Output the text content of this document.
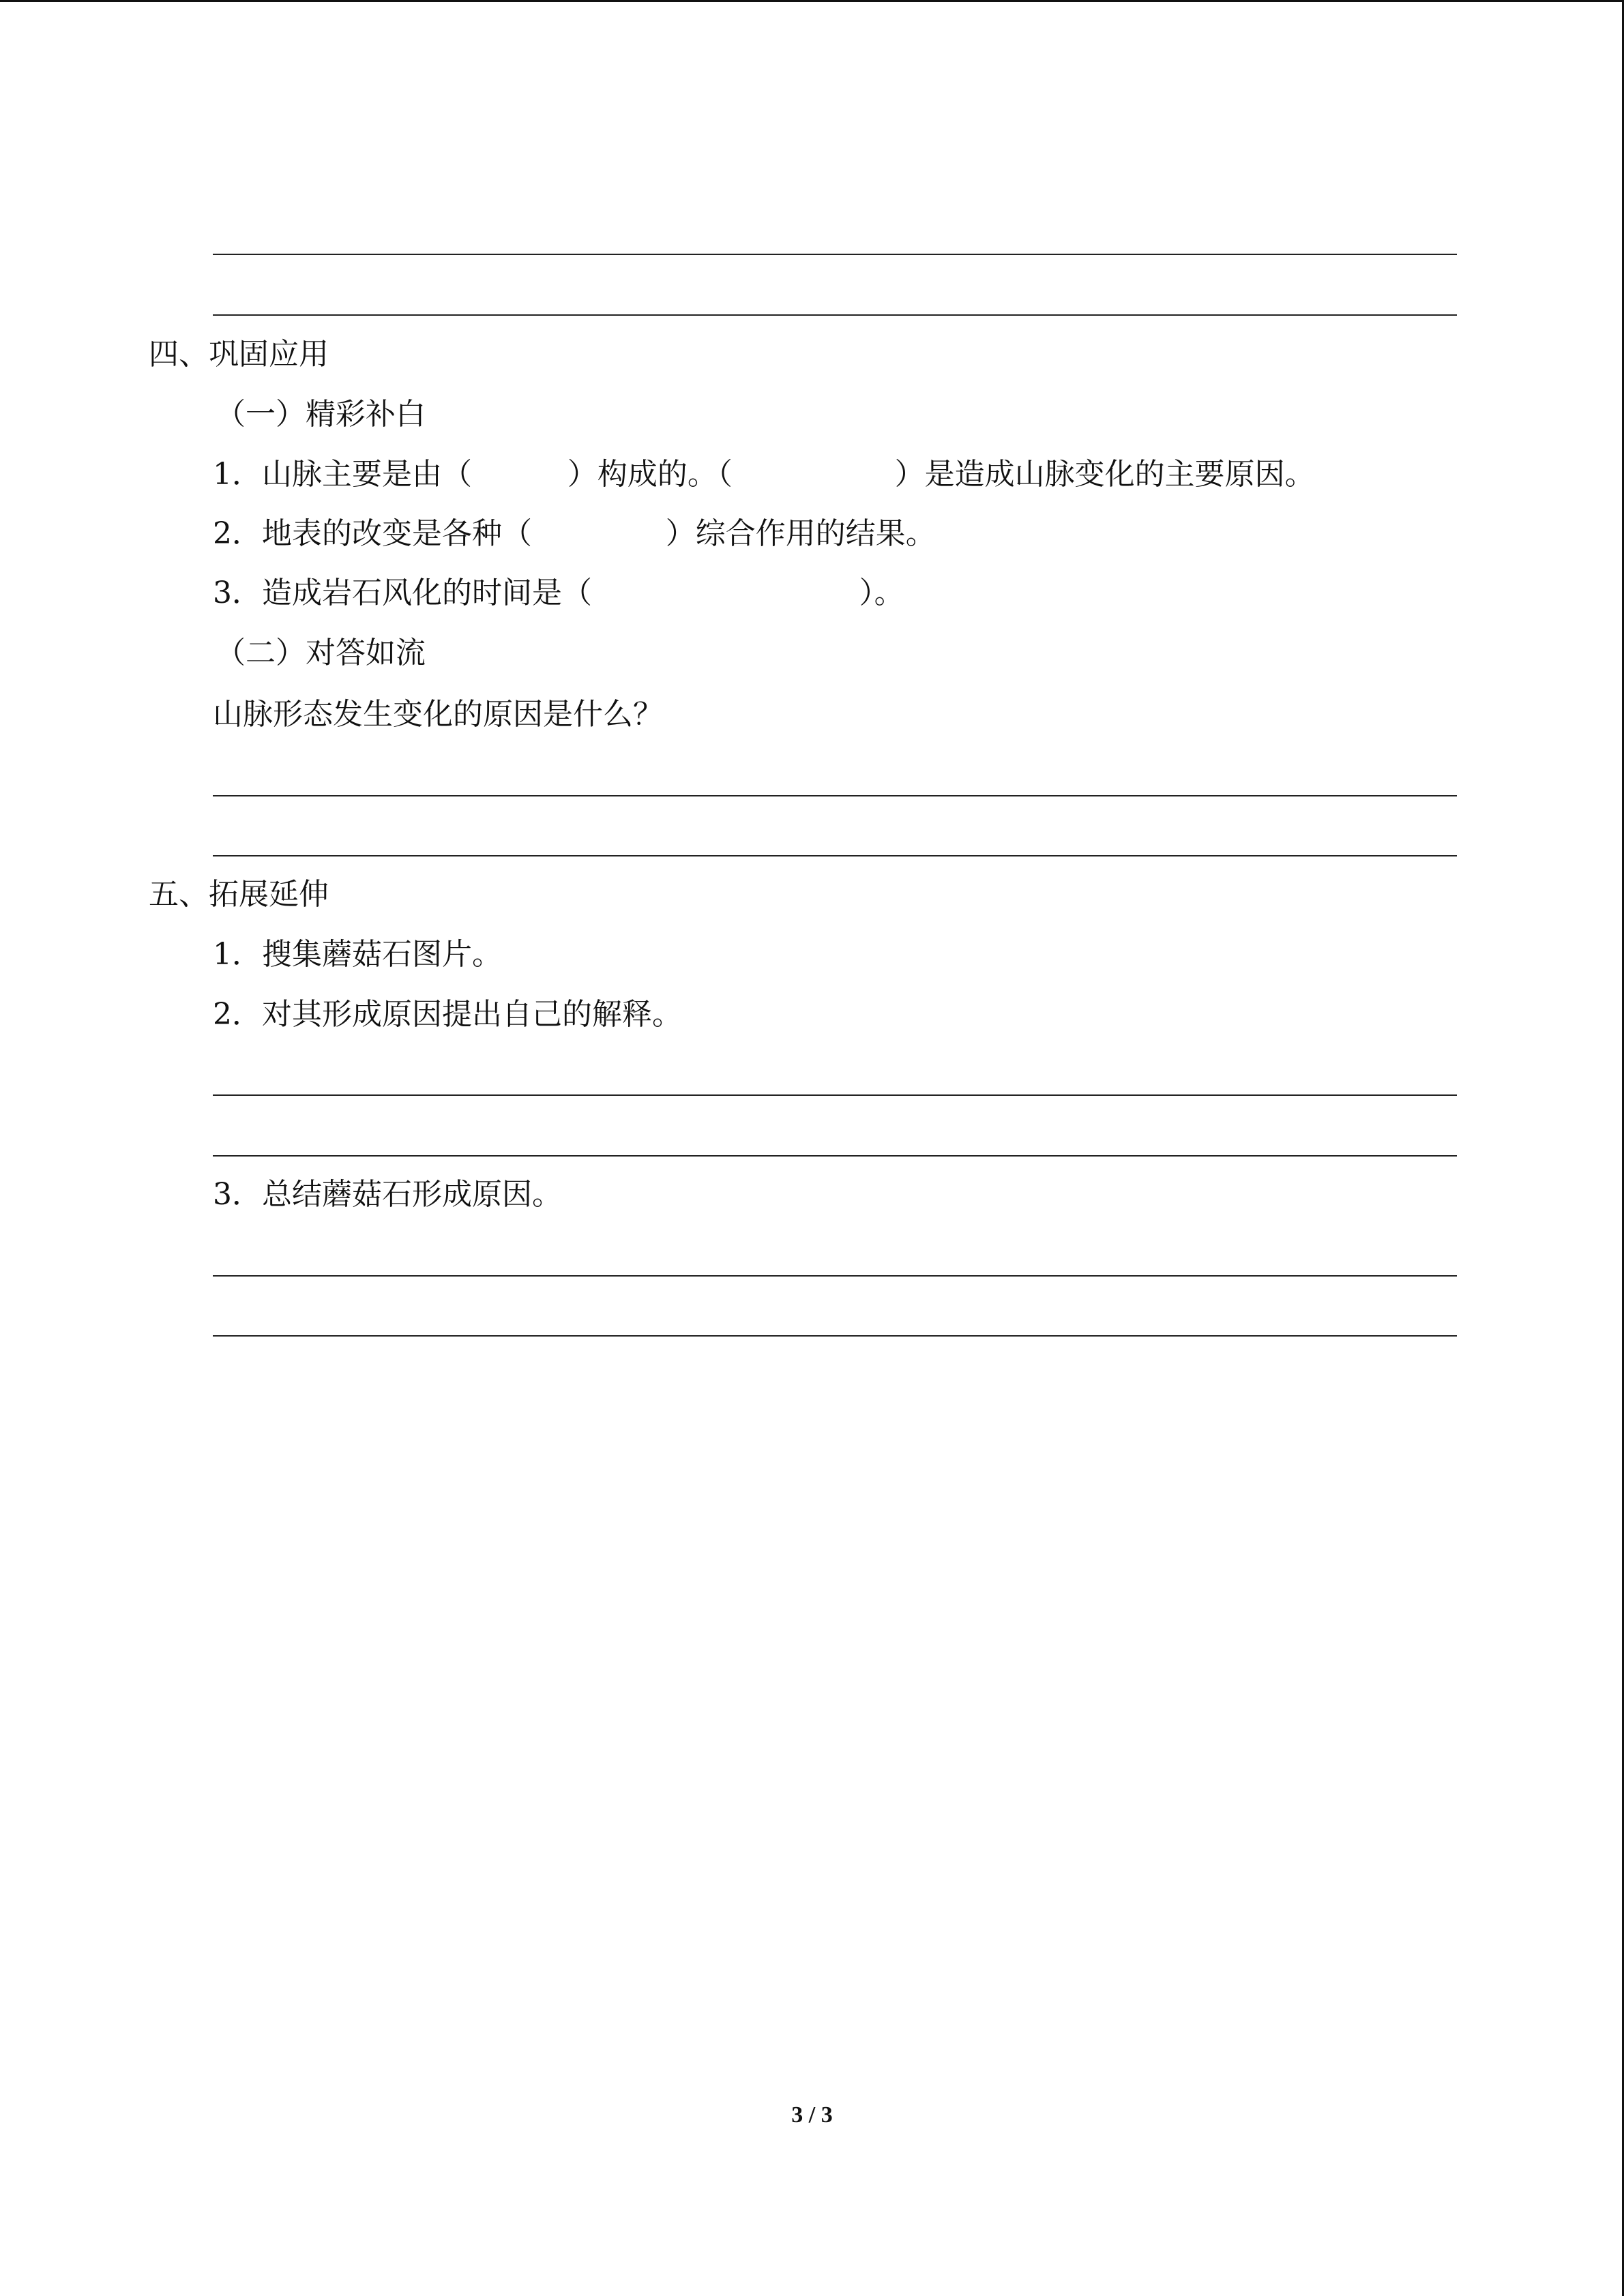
四、巩固应用
（一）精彩补白
1．山脉主要是由（          ）构成的。（                 ）是造成山脉变化的主要原因。
2．地表的改变是各种（              ）综合作用的结果。
3．造成岩石风化的时间是（                            ）。
（二）对答如流
山脉形态发生变化的原因是什么？
五、拓展延伸
1．搜集蘑菇石图片。
2．对其形成原因提出自己的解释。
3．总结蘑菇石形成原因。
3 / 3
